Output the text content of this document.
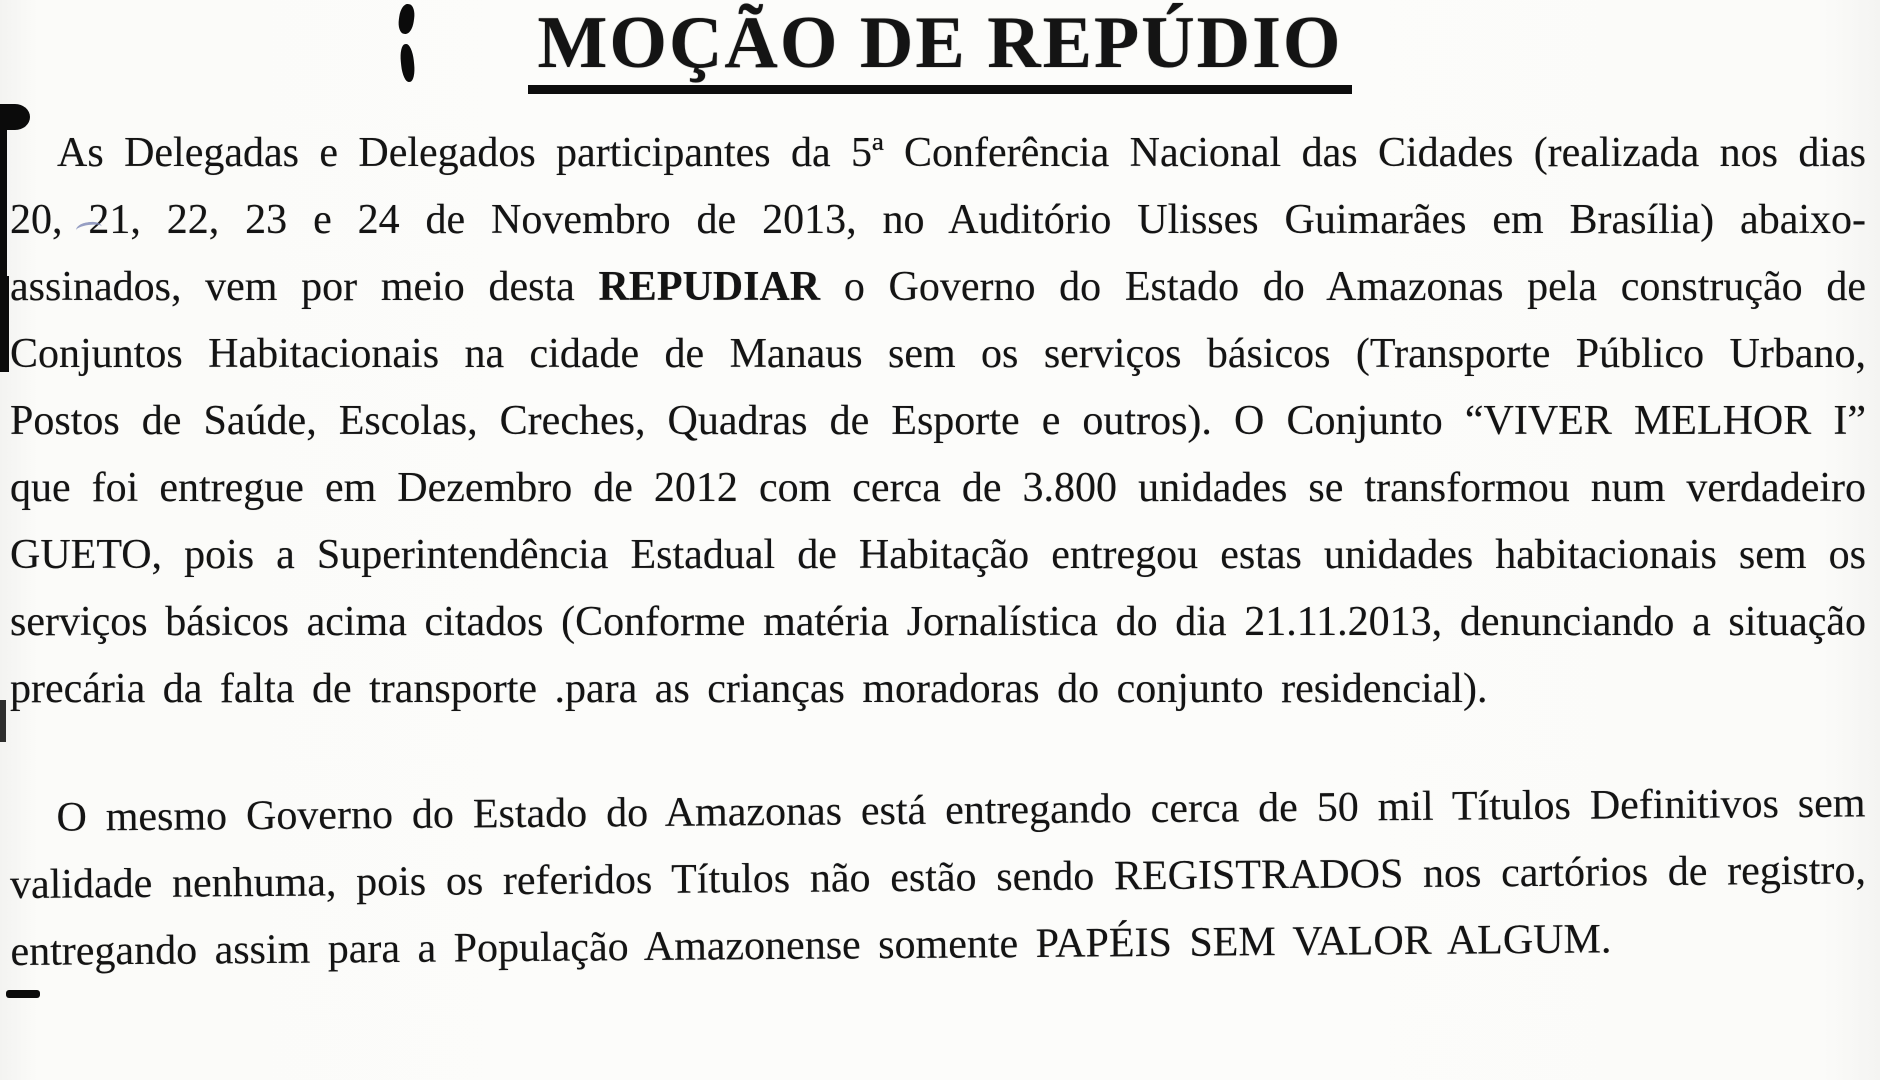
MOÇÃO DE REPÚDIO

As Delegadas e Delegados participantes da 5ª Conferência Nacional das Cidades (realizada nos dias 20, 21, 22, 23 e 24 de Novembro de 2013, no Auditório Ulisses Guimarães em Brasília) abaixo-assinados, vem por meio desta REPUDIAR o Governo do Estado do Amazonas pela construção de Conjuntos Habitacionais na cidade de Manaus sem os serviços básicos (Transporte Público Urbano, Postos de Saúde, Escolas, Creches, Quadras de Esporte e outros). O Conjunto “VIVER MELHOR I” que foi entregue em Dezembro de 2012 com cerca de 3.800 unidades se transformou num verdadeiro GUETO, pois a Superintendência Estadual de Habitação entregou estas unidades habitacionais sem os serviços básicos acima citados (Conforme matéria Jornalística do dia 21.11.2013, denunciando a situação precária da falta de transporte .para as crianças moradoras do conjunto residencial).

O mesmo Governo do Estado do Amazonas está entregando cerca de 50 mil Títulos Definitivos sem validade nenhuma, pois os referidos Títulos não estão sendo REGISTRADOS nos cartórios de registro, entregando assim para a População Amazonense somente PAPÉIS SEM VALOR ALGUM.
